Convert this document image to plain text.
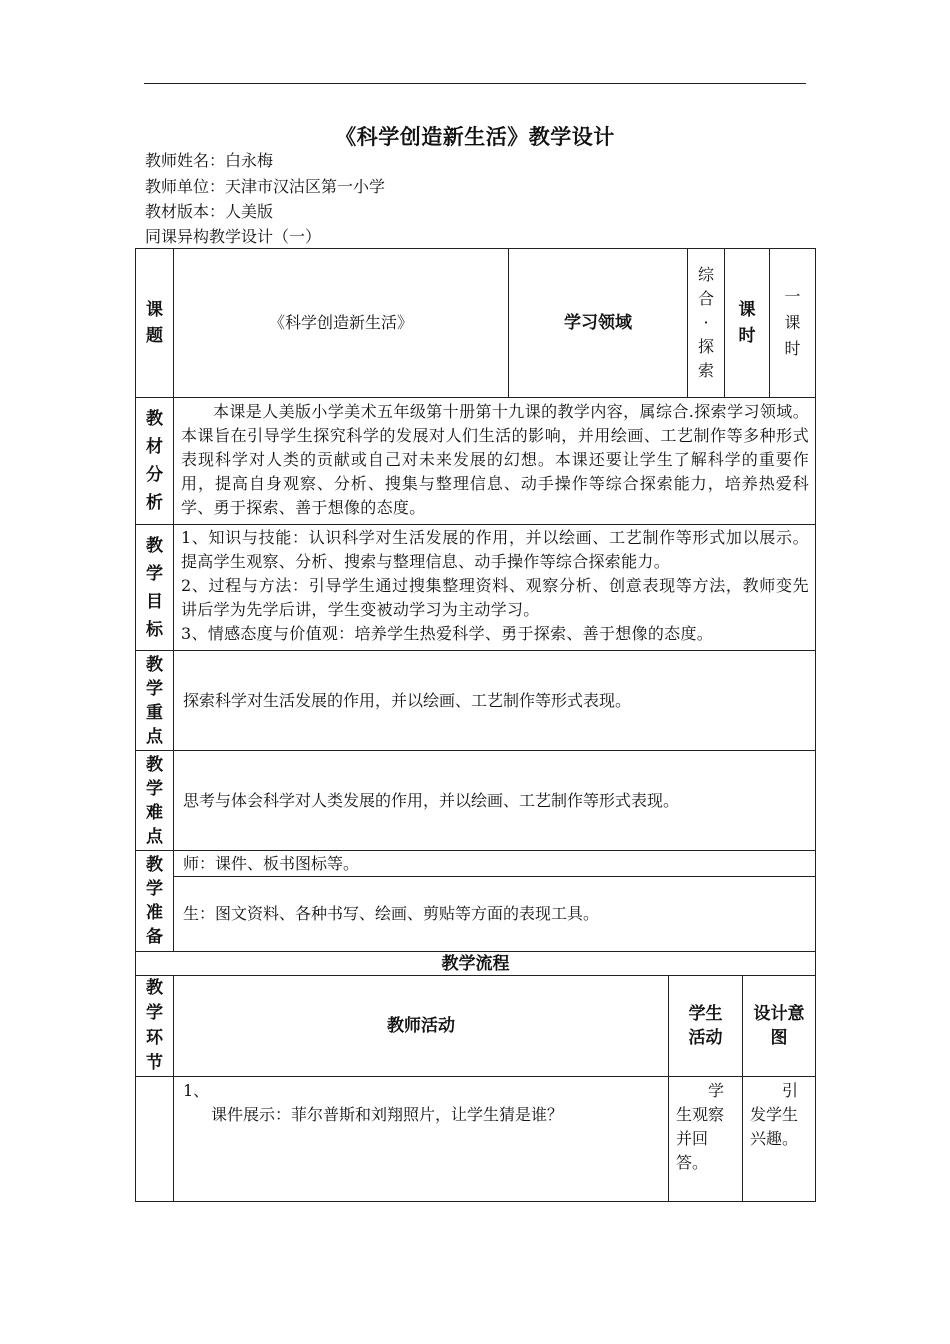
《科学创造新生活》教学设计
教师姓名：白永梅
教师单位：天津市汉沽区第一小学
教材版本：人美版
同课异构教学设计（一）
课题
《科学创造新生活》	学习领域
综合·探索
课时
一课时
教材分析
本课是人美版小学美术五年级第十册第十九课的教学内容，属综合.探索学习领域。本课旨在引导学生探究科学的发展对人们生活的影响，并用绘画、工艺制作等多种形式表现科学对人类的贡献或自己对未来发展的幻想。本课还要让学生了解科学的重要作用，提高自身观察、分析、搜集与整理信息、动手操作等综合探索能力，培养热爱科学、勇于探索、善于想像的态度。
教学目标
1、知识与技能：认识科学对生活发展的作用，并以绘画、工艺制作等形式加以展示。提高学生观察、分析、搜索与整理信息、动手操作等综合探索能力。
2、过程与方法：引导学生通过搜集整理资料、观察分析、创意表现等方法，教师变先讲后学为先学后讲，学生变被动学习为主动学习。
3、情感态度与价值观：培养学生热爱科学、勇于探索、善于想像的态度。
教学重点
探索科学对生活发展的作用，并以绘画、工艺制作等形式表现。
教学难点
思考与体会科学对人类发展的作用，并以绘画、工艺制作等形式表现。
教学准备
师：课件、板书图标等。
生：图文资料、各种书写、绘画、剪贴等方面的表现工具。
教学流程
教学环节
教师活动
学生活动
设计意图
1、
课件展示：菲尔普斯和刘翔照片，让学生猜是谁？
学生观察并回答。
引发学生兴趣。
